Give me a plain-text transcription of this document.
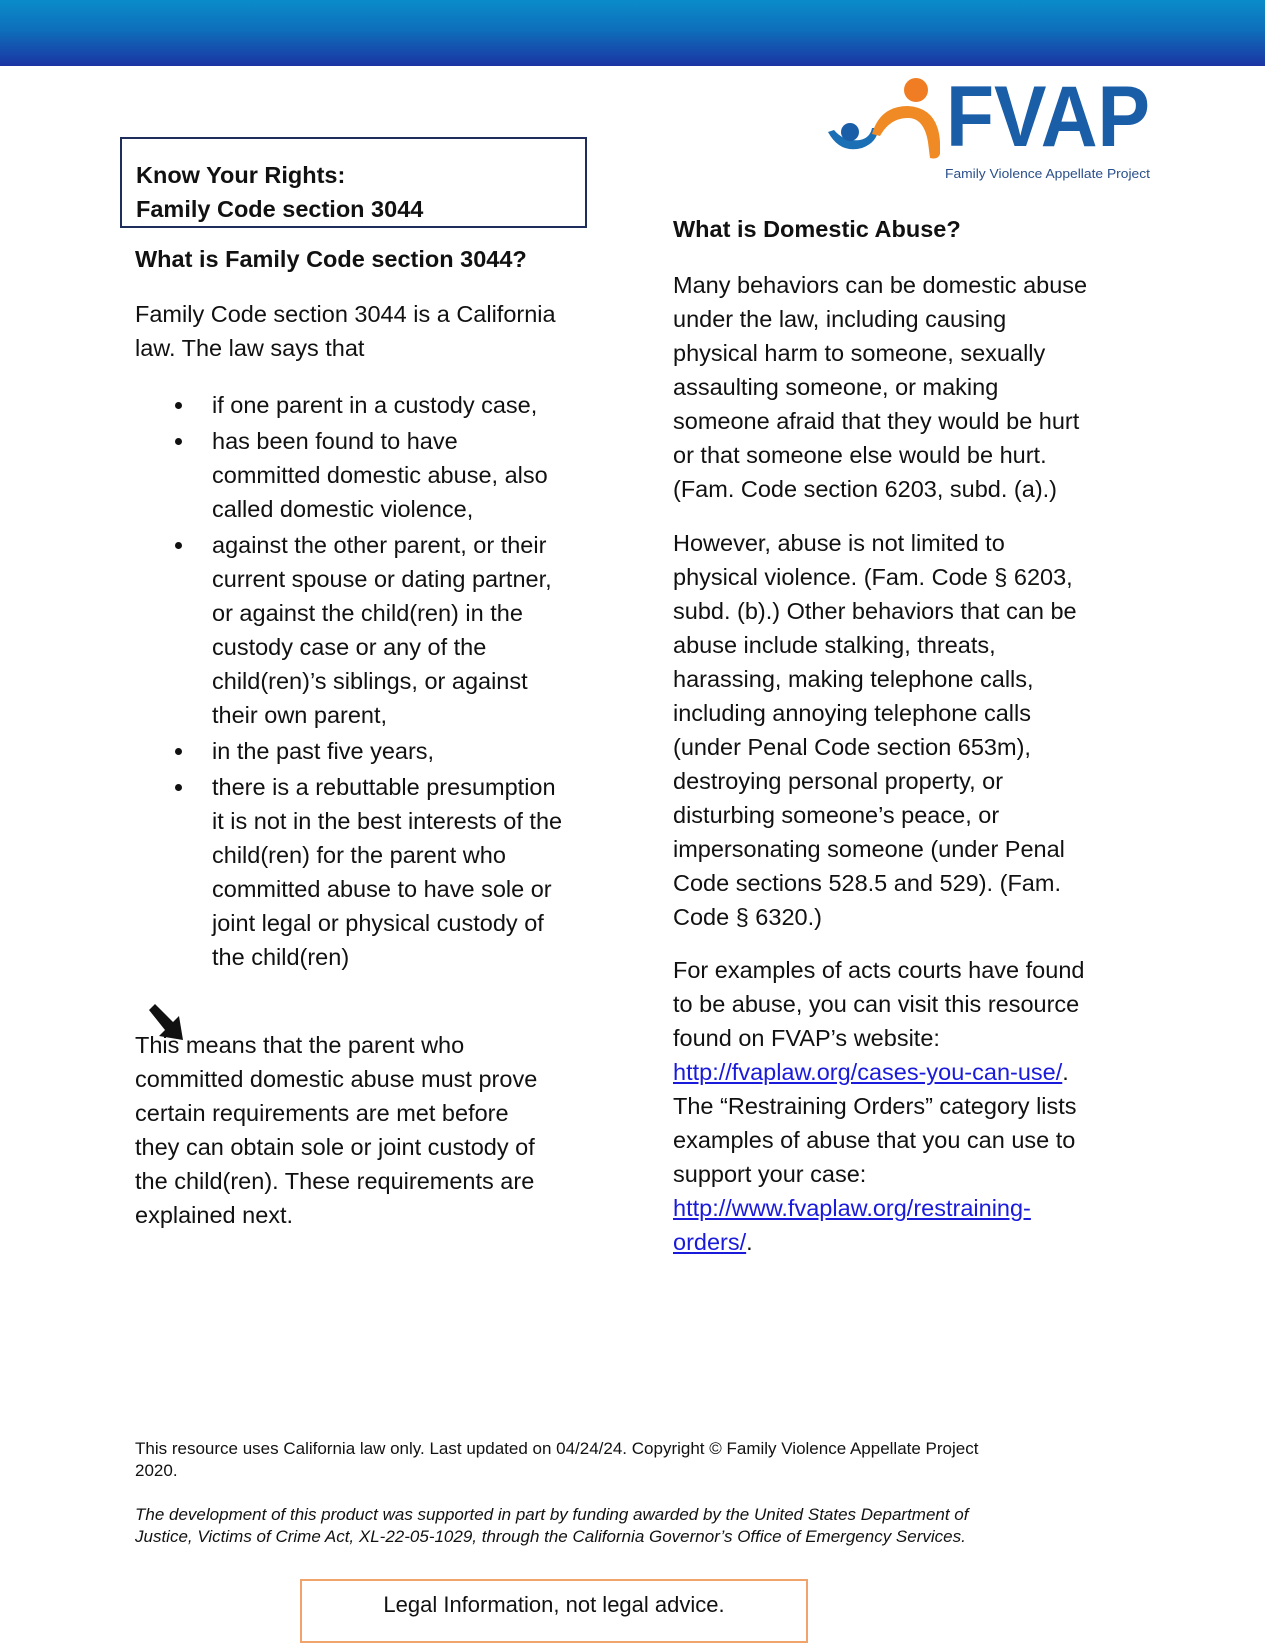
FVAP
Family Violence Appellate Project
Know Your Rights:
Family Code section 3044
What is Family Code section 3044?
Family Code section 3044 is a California
law. The law says that
if one parent in a custody case,
has been found to have
committed domestic abuse, also
called domestic violence,
against the other parent, or their
current spouse or dating partner,
or against the child(ren) in the
custody case or any of the
child(ren)’s siblings, or against
their own parent,
in the past five years,
there is a rebuttable presumption
it is not in the best interests of the
child(ren) for the parent who
committed abuse to have sole or
joint legal or physical custody of
the child(ren)
This means that the parent who
committed domestic abuse must prove
certain requirements are met before
they can obtain sole or joint custody of
the child(ren). These requirements are
explained next.
What is Domestic Abuse?
Many behaviors can be domestic abuse
under the law, including causing
physical harm to someone, sexually
assaulting someone, or making
someone afraid that they would be hurt
or that someone else would be hurt.
(Fam. Code section 6203, subd. (a).)
However, abuse is not limited to
physical violence. (Fam. Code § 6203,
subd. (b).) Other behaviors that can be
abuse include stalking, threats,
harassing, making telephone calls,
including annoying telephone calls
(under Penal Code section 653m),
destroying personal property, or
disturbing someone’s peace, or
impersonating someone (under Penal
Code sections 528.5 and 529). (Fam.
Code § 6320.)
For examples of acts courts have found
to be abuse, you can visit this resource
found on FVAP’s website:
http://fvaplaw.org/cases-you-can-use/.
The “Restraining Orders” category lists
examples of abuse that you can use to
support your case:
http://www.fvaplaw.org/restraining-
orders/.
This resource uses California law only. Last updated on 04/24/24. Copyright © Family Violence Appellate Project
2020.
The development of this product was supported in part by funding awarded by the United States Department of
Justice, Victims of Crime Act, XL-22-05-1029, through the California Governor’s Office of Emergency Services.
Legal Information, not legal advice.
